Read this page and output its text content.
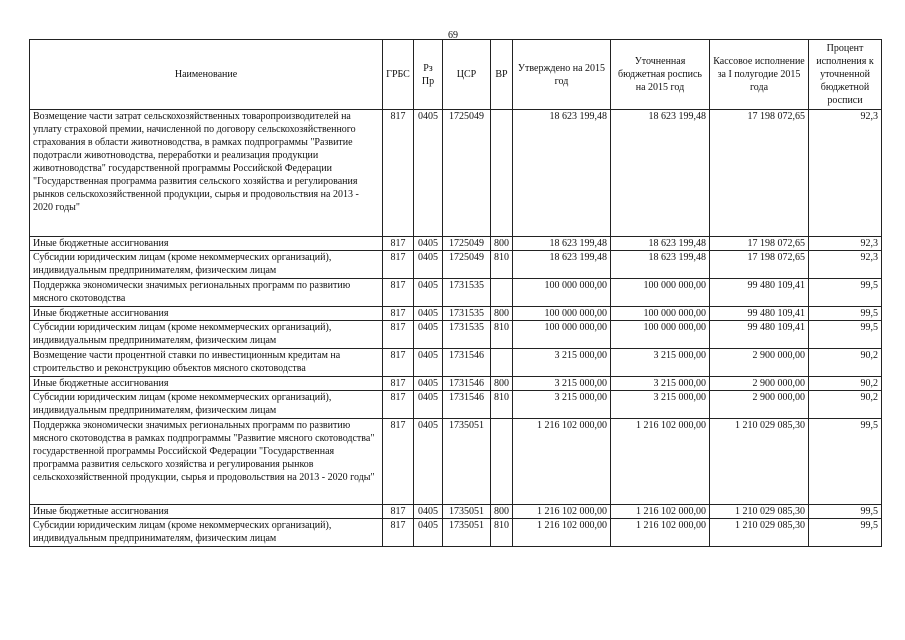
69
Наименование	ГРБС	Рз Пр	ЦСР	ВР	Утверждено на 2015 год	Уточненная бюджетная роспись на 2015 год	Кассовое исполнение за I полугодие 2015 года	Процент исполнения к уточненной бюджетной росписи
Возмещение части затрат сельскохозяйственных товаропроизводителей на уплату страховой премии, начисленной по договору сельскохозяйственного страхования в области животноводства, в рамках подпрограммы "Развитие подотрасли животноводства, переработки и реализация продукции животноводства" государственной программы Российской Федерации "Государственная программа развития сельского хозяйства и регулирования рынков сельскохозяйственной продукции, сырья и продовольствия на 2013 - 2020 годы"	817	0405	1725049		18 623 199,48	18 623 199,48	17 198 072,65	92,3
Иные бюджетные ассигнования	817	0405	1725049	800	18 623 199,48	18 623 199,48	17 198 072,65	92,3
Субсидии юридическим лицам (кроме некоммерческих организаций), индивидуальным предпринимателям, физическим лицам	817	0405	1725049	810	18 623 199,48	18 623 199,48	17 198 072,65	92,3
Поддержка экономически значимых региональных программ по развитию мясного скотоводства	817	0405	1731535		100 000 000,00	100 000 000,00	99 480 109,41	99,5
Иные бюджетные ассигнования	817	0405	1731535	800	100 000 000,00	100 000 000,00	99 480 109,41	99,5
Субсидии юридическим лицам (кроме некоммерческих организаций), индивидуальным предпринимателям, физическим лицам	817	0405	1731535	810	100 000 000,00	100 000 000,00	99 480 109,41	99,5
Возмещение части процентной ставки по инвестиционным кредитам на строительство и реконструкцию объектов мясного скотоводства	817	0405	1731546		3 215 000,00	3 215 000,00	2 900 000,00	90,2
Иные бюджетные ассигнования	817	0405	1731546	800	3 215 000,00	3 215 000,00	2 900 000,00	90,2
Субсидии юридическим лицам (кроме некоммерческих организаций), индивидуальным предпринимателям, физическим лицам	817	0405	1731546	810	3 215 000,00	3 215 000,00	2 900 000,00	90,2
Поддержка экономически значимых региональных программ по развитию мясного скотоводства в рамках подпрограммы "Развитие мясного скотоводства" государственной программы Российской Федерации "Государственная программа развития сельского хозяйства и регулирования рынков сельскохозяйственной продукции, сырья и продовольствия на 2013 - 2020 годы"	817	0405	1735051		1 216 102 000,00	1 216 102 000,00	1 210 029 085,30	99,5
Иные бюджетные ассигнования	817	0405	1735051	800	1 216 102 000,00	1 216 102 000,00	1 210 029 085,30	99,5
Субсидии юридическим лицам (кроме некоммерческих организаций), индивидуальным предпринимателям, физическим лицам	817	0405	1735051	810	1 216 102 000,00	1 216 102 000,00	1 210 029 085,30	99,5
